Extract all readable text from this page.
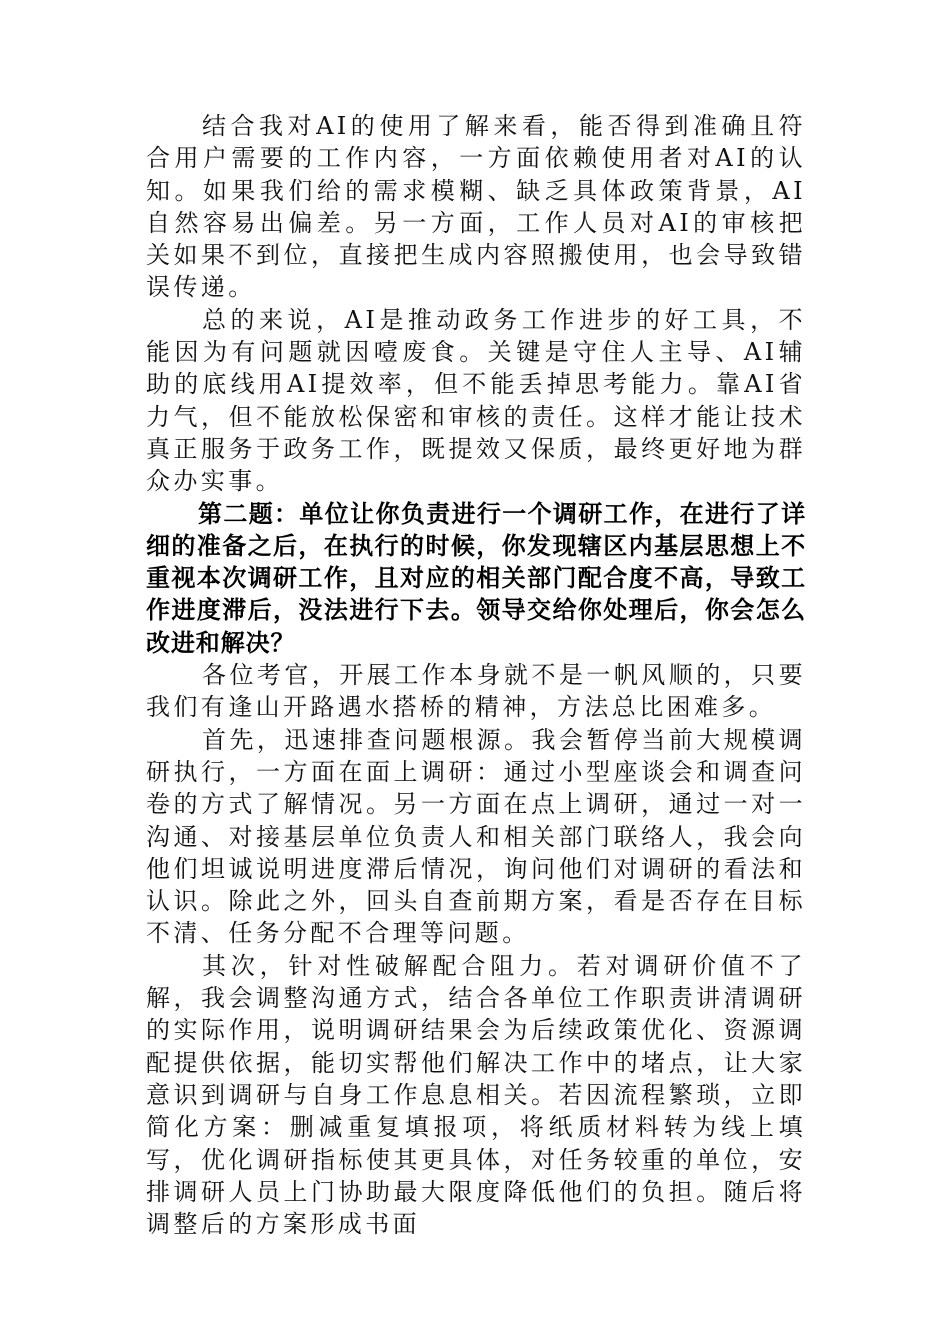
结合我对AI的使用了解来看，能否得到准确且符合用户需要的工作内容，一方面依赖使用者对AI的认知。如果我们给的需求模糊、缺乏具体政策背景，AI自然容易出偏差。另一方面，工作人员对AI的审核把关如果不到位，直接把生成内容照搬使用，也会导致错误传递。

总的来说，AI是推动政务工作进步的好工具，不能因为有问题就因噎废食。关键是守住人主导、AI辅助的底线用AI提效率，但不能丢掉思考能力。靠AI省力气，但不能放松保密和审核的责任。这样才能让技术真正服务于政务工作，既提效又保质，最终更好地为群众办实事。

第二题：单位让你负责进行一个调研工作，在进行了详细的准备之后，在执行的时候，你发现辖区内基层思想上不重视本次调研工作，且对应的相关部门配合度不高，导致工作进度滞后，没法进行下去。领导交给你处理后，你会怎么改进和解决？

各位考官，开展工作本身就不是一帆风顺的，只要我们有逢山开路遇水搭桥的精神，方法总比困难多。

首先，迅速排查问题根源。我会暂停当前大规模调研执行，一方面在面上调研：通过小型座谈会和调查问卷的方式了解情况。另一方面在点上调研，通过一对一沟通、对接基层单位负责人和相关部门联络人，我会向他们坦诚说明进度滞后情况，询问他们对调研的看法和认识。除此之外，回头自查前期方案，看是否存在目标不清、任务分配不合理等问题。

其次，针对性破解配合阻力。若对调研价值不了解，我会调整沟通方式，结合各单位工作职责讲清调研的实际作用，说明调研结果会为后续政策优化、资源调配提供依据，能切实帮他们解决工作中的堵点，让大家意识到调研与自身工作息息相关。若因流程繁琐，立即简化方案：删减重复填报项，将纸质材料转为线上填写，优化调研指标使其更具体，对任务较重的单位，安排调研人员上门协助最大限度降低他们的负担。随后将调整后的方案形成书面
